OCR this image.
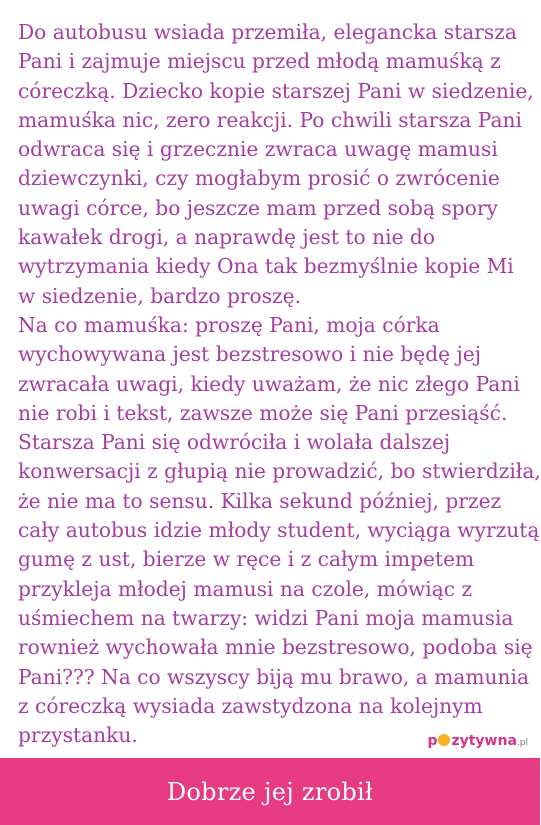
Do autobusu wsiada przemiła, elegancka starsza
Pani i zajmuje miejscu przed młodą mamuśką z
córeczką. Dziecko kopie starszej Pani w siedzenie,
mamuśka nic, zero reakcji. Po chwili starsza Pani
odwraca się i grzecznie zwraca uwagę mamusi
dziewczynki, czy mogłabym prosić o zwrócenie
uwagi córce, bo jeszcze mam przed sobą spory
kawałek drogi, a naprawdę jest to nie do
wytrzymania kiedy Ona tak bezmyślnie kopie Mi
w siedzenie, bardzo proszę.
Na co mamuśka: proszę Pani, moja córka
wychowywana jest bezstresowo i nie będę jej
zwracała uwagi, kiedy uważam, że nic złego Pani
nie robi i tekst, zawsze może się Pani przesiąść.
Starsza Pani się odwróciła i wolała dalszej
konwersacji z głupią nie prowadzić, bo stwierdziła,
że nie ma to sensu. Kilka sekund później, przez
cały autobus idzie młody student, wyciąga wyrzutą
gumę z ust, bierze w ręce i z całym impetem
przykleja młodej mamusi na czole, mówiąc z
uśmiechem na twarzy: widzi Pani moja mamusia
rownież wychowała mnie bezstresowo, podoba się
Pani??? Na co wszyscy biją mu brawo, a mamunia
z córeczką wysiada zawstydzona na kolejnym
przystanku.	p zytywna .pl
Dobrze jej zrobił
